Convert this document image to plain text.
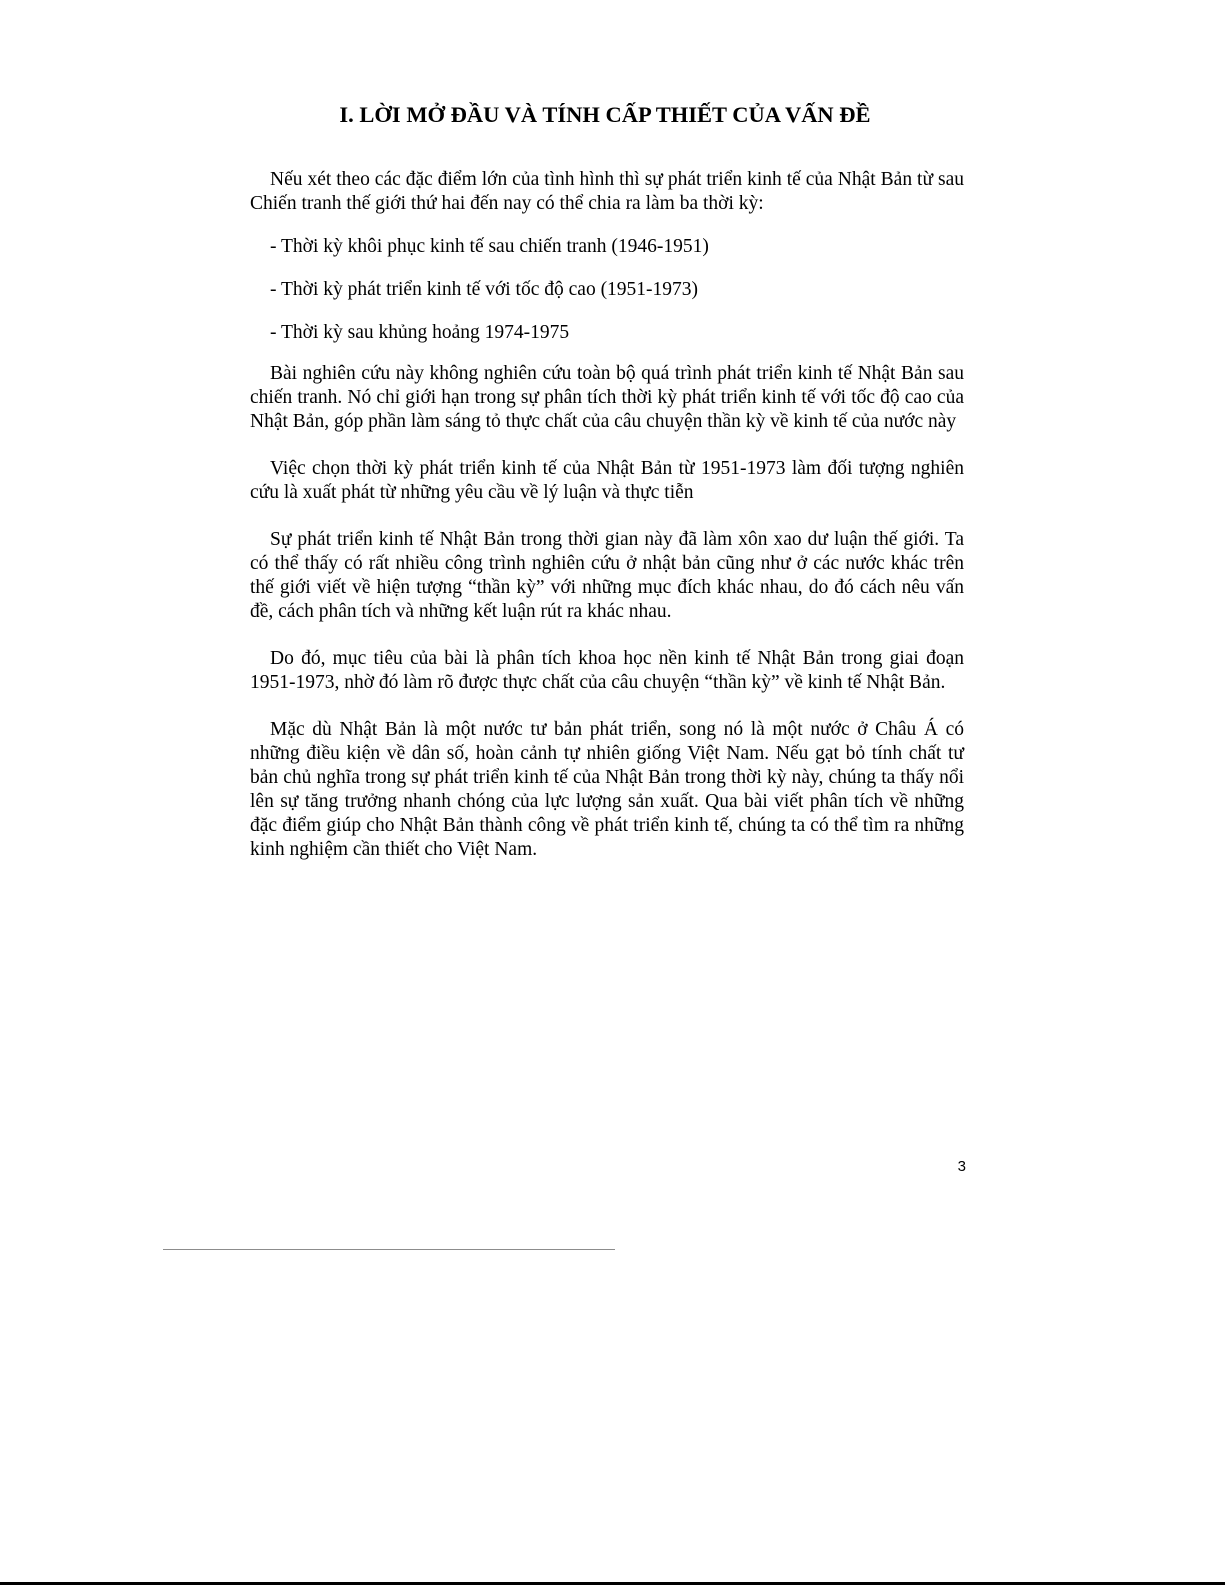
I. LỜI MỞ ĐẦU VÀ TÍNH CẤP THIẾT CỦA VẤN ĐỀ

Nếu xét theo các đặc điểm lớn của tình hình thì sự phát triển kinh tế của Nhật Bản từ sau Chiến tranh thế giới thứ hai đến nay có thể chia ra làm ba thời kỳ:

- Thời kỳ khôi phục kinh tế sau chiến tranh (1946-1951)

- Thời kỳ phát triển kinh tế với tốc độ cao (1951-1973)

- Thời kỳ sau khủng hoảng 1974-1975

Bài nghiên cứu này không nghiên cứu toàn bộ quá trình phát triển kinh tế Nhật Bản sau chiến tranh. Nó chỉ giới hạn trong sự phân tích thời kỳ phát triển kinh tế với tốc độ cao của Nhật Bản, góp phần làm sáng tỏ thực chất của câu chuyện thần kỳ về kinh tế của nước này

Việc chọn thời kỳ phát triển kinh tế của Nhật Bản từ 1951-1973 làm đối tượng nghiên cứu là xuất phát từ những yêu cầu về lý luận và thực tiễn

Sự phát triển kinh tế Nhật Bản trong thời gian này đã làm xôn xao dư luận thế giới. Ta có thể thấy có rất nhiều công trình nghiên cứu ở nhật bản cũng như ở các nước khác trên thế giới viết về hiện tượng “thần kỳ” với những mục đích khác nhau, do đó cách nêu vấn đề, cách phân tích và những kết luận rút ra khác nhau.

Do đó, mục tiêu của bài là phân tích khoa học nền kinh tế Nhật Bản trong giai đoạn 1951-1973, nhờ đó làm rõ được thực chất của câu chuyện “thần kỳ” về kinh tế Nhật Bản.

Mặc dù Nhật Bản là một nước tư bản phát triển, song nó là một nước ở Châu Á có những điều kiện về dân số, hoàn cảnh tự nhiên giống Việt Nam. Nếu gạt bỏ tính chất tư bản chủ nghĩa trong sự phát triển kinh tế của Nhật Bản trong thời kỳ này, chúng ta thấy nổi lên sự tăng trưởng nhanh chóng của lực lượng sản xuất. Qua bài viết phân tích về những đặc điểm giúp cho Nhật Bản thành công về phát triển kinh tế, chúng ta có thể tìm ra những kinh nghiệm cần thiết cho Việt Nam.

3
